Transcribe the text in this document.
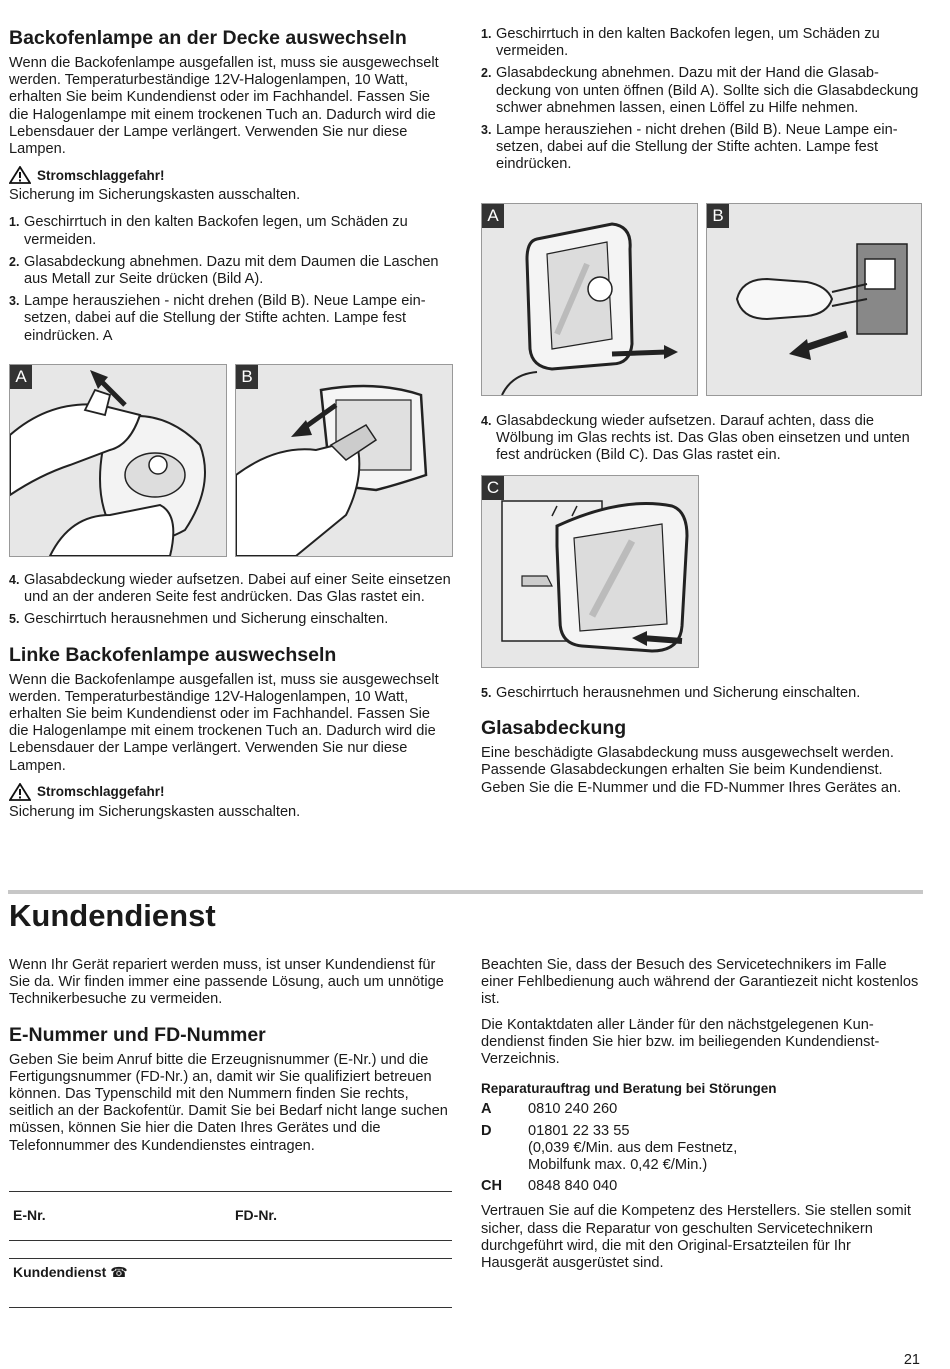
Backofenlampe an der Decke auswechseln

Wenn die Backofenlampe ausgefallen ist, muss sie ausgewechselt werden. Temperaturbeständige 12V-Halogenlampen, 10 Watt, erhalten Sie beim Kundendienst oder im Fachhandel. Fassen Sie die Halogenlampe mit einem trockenen Tuch an. Dadurch wird die Lebensdauer der Lampe verlängert. Verwenden Sie nur diese Lampen.

Stromschlaggefahr!

Sicherung im Sicherungskasten ausschalten.

1. Geschirrtuch in den kalten Backofen legen, um Schäden zu vermeiden.
2. Glasabdeckung abnehmen. Dazu mit dem Daumen die Laschen aus Metall zur Seite drücken (Bild A).
3. Lampe herausziehen - nicht drehen (Bild B). Neue Lampe einsetzen, dabei auf die Stellung der Stifte achten. Lampe fest eindrücken. A
A	B
4. Glasabdeckung wieder aufsetzen. Dabei auf einer Seite einsetzen und an der anderen Seite fest andrücken. Das Glas rastet ein.
5. Geschirrtuch herausnehmen und Sicherung einschalten.
Linke Backofenlampe auswechseln

Wenn die Backofenlampe ausgefallen ist, muss sie ausgewechselt werden. Temperaturbeständige 12V-Halogenlampen, 10 Watt, erhalten Sie beim Kundendienst oder im Fachhandel. Fassen Sie die Halogenlampe mit einem trockenen Tuch an. Dadurch wird die Lebensdauer der Lampe verlängert. Verwenden Sie nur diese Lampen.

Stromschlaggefahr!

Sicherung im Sicherungskasten ausschalten.

1. Geschirrtuch in den kalten Backofen legen, um Schäden zu vermeiden.
2. Glasabdeckung abnehmen. Dazu mit der Hand die Glasabdeckung von unten öffnen (Bild A). Sollte sich die Glasabdeckung schwer abnehmen lassen, einen Löffel zu Hilfe nehmen.
3. Lampe herausziehen - nicht drehen (Bild B). Neue Lampe einsetzen, dabei auf die Stellung der Stifte achten. Lampe fest eindrücken.
A	B
4. Glasabdeckung wieder aufsetzen. Darauf achten, dass die Wölbung im Glas rechts ist. Das Glas oben einsetzen und unten fest andrücken (Bild C). Das Glas rastet ein.
C
5. Geschirrtuch herausnehmen und Sicherung einschalten.
Glasabdeckung

Eine beschädigte Glasabdeckung muss ausgewechselt werden. Passende Glasabdeckungen erhalten Sie beim Kundendienst. Geben Sie die E-Nummer und die FD-Nummer Ihres Gerätes an.

Kundendienst

Wenn Ihr Gerät repariert werden muss, ist unser Kundendienst für Sie da. Wir finden immer eine passende Lösung, auch um unnötige Technikerbesuche zu vermeiden.

E-Nummer und FD-Nummer

Geben Sie beim Anruf bitte die Erzeugnisnummer (E-Nr.) und die Fertigungsnummer (FD-Nr.) an, damit wir Sie qualifiziert betreuen können. Das Typenschild mit den Nummern finden Sie rechts, seitlich an der Backofentür. Damit Sie bei Bedarf nicht lange suchen müssen, können Sie hier die Daten Ihres Gerätes und die Telefonnummer des Kundendienstes eintragen.

E-Nr.	FD-Nr.
Kundendienst ☎

Beachten Sie, dass der Besuch des Servicetechnikers im Falle einer Fehlbedienung auch während der Garantiezeit nicht kostenlos ist.

Die Kontaktdaten aller Länder für den nächstgelegenen Kundendienst finden Sie hier bzw. im beiliegenden Kundendienst-Verzeichnis.

Reparaturauftrag und Beratung bei Störungen

A	0810 240 260
D	01801 22 33 55
(0,039 €/Min. aus dem Festnetz,
Mobilfunk max. 0,42 €/Min.)
CH	0848 840 040

Vertrauen Sie auf die Kompetenz des Herstellers. Sie stellen somit sicher, dass die Reparatur von geschulten Servicetechnikern durchgeführt wird, die mit den Original-Ersatzteilen für Ihr Hausgerät ausgerüstet sind.

21
